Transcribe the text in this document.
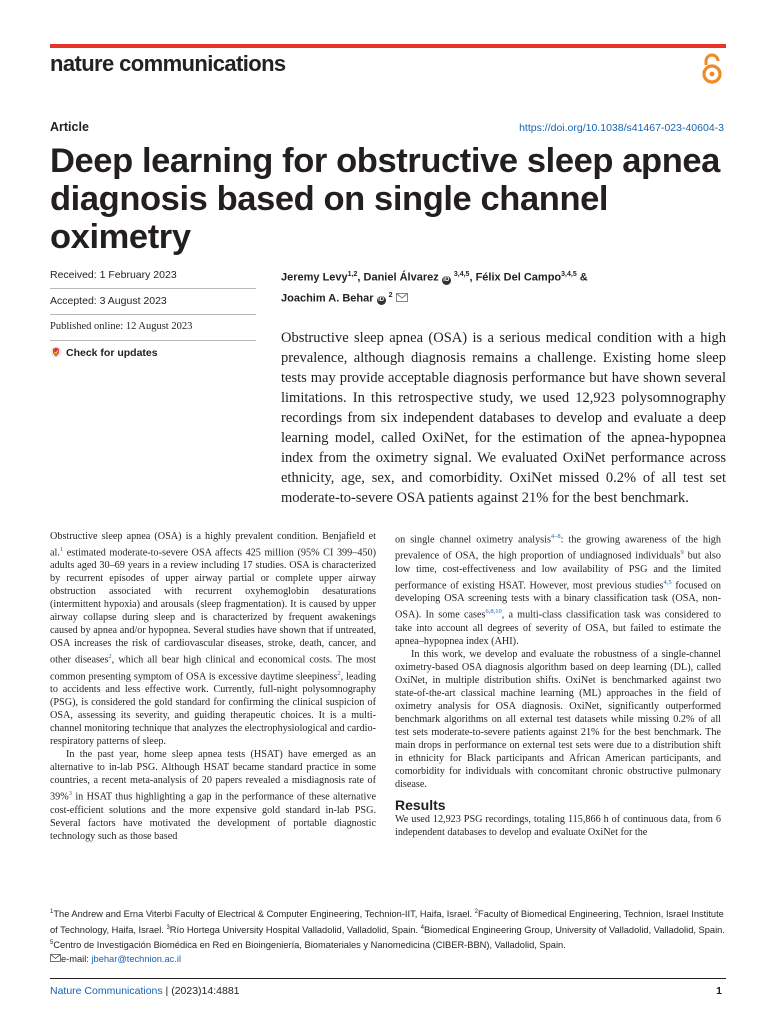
nature communications
Article	https://doi.org/10.1038/s41467-023-40604-3
Deep learning for obstructive sleep apnea diagnosis based on single channel oximetry
Received: 1 February 2023
Accepted: 3 August 2023
Published online: 12 August 2023
Check for updates
Jeremy Levy$^{1,2}$, Daniel Álvarez iD $^{3,4,5}$, Félix Del Campo$^{3,4,5}$ &
Joachim A. Behar iD $^2$

Obstructive sleep apnea (OSA) is a serious medical condition with a high prevalence, although diagnosis remains a challenge. Existing home sleep tests may provide acceptable diagnosis performance but have shown several limitations. In this retrospective study, we used 12,923 polysomnography recordings from six independent databases to develop and evaluate a deep learning model, called OxiNet, for the estimation of the apnea-hypopnea index from the oximetry signal. We evaluated OxiNet performance across ethnicity, age, sex, and comorbidity. OxiNet missed 0.2% of all test set moderate-to-severe OSA patients against 21% for the best benchmark.

Obstructive sleep apnea (OSA) is a highly prevalent condition. Benjafield et al.$^1$ estimated moderate-to-severe OSA affects 425 million (95% CI 399–450) adults aged 30–69 years in a review including 17 studies. OSA is characterized by recurrent episodes of upper airway partial or complete upper airway obstruction associated with recurrent oxyhemoglobin desaturations (intermittent hypoxia) and arousals (sleep fragmentation). It is caused by upper airway collapse during sleep and is characterized by frequent awakenings caused by apnea and/or hypopnea. Several studies have shown that if untreated, OSA increases the risk of cardiovascular diseases, stroke, death, cancer, and other diseases$^2$, which all bear high clinical and economical costs. The most common presenting symptom of OSA is excessive daytime sleepiness$^2$, leading to accidents and less effective work. Currently, full-night polysomnography (PSG), is considered the gold standard for confirming the clinical suspicion of OSA, assessing its severity, and guiding therapeutic choices. It is a multi-channel monitoring technique that analyzes the electrophysiological and cardio-respiratory patterns of sleep.

In the past year, home sleep apnea tests (HSAT) have emerged as an alternative to in-lab PSG. Although HSAT became standard practice in some countries, a recent meta-analysis of 20 papers revealed a misdiagnosis rate of 39%$^3$ in HSAT thus highlighting a gap in the performance of these alternative cost-efficient solutions and the more expensive gold standard in-lab PSG. Several factors have motivated the development of portable diagnostic technology such as those based

on single channel oximetry analysis$^{4-8}$: the growing awareness of the high prevalence of OSA, the high proportion of undiagnosed individuals$^9$ but also low time, cost-effectiveness and low availability of PSG and the limited performance of existing HSAT. However, most previous studies$^{4,5}$ focused on developing OSA screening tests with a binary classification task (OSA, non-OSA). In some cases$^{6,8,10}$, a multi-class classification task was considered to take into account all degrees of severity of OSA, but failed to estimate the apnea–hypopnea index (AHI).

In this work, we develop and evaluate the robustness of a single-channel oximetry-based OSA diagnosis algorithm based on deep learning (DL), called OxiNet, in multiple distribution shifts. OxiNet is benchmarked against two state-of-the-art classical machine learning (ML) approaches in the field of oximetry analysis for OSA diagnosis. OxiNet, significantly outperformed benchmark algorithms on all external test datasets while missing 0.2% of all test sets moderate-to-severe patients against 21% for the best benchmark. The main drops in performance on external test sets were due to a distribution shift in ethnicity for Black participants and African American participants, and comorbidity for individuals with concomitant chronic obstructive pulmonary disease.

Results

We used 12,923 PSG recordings, totaling 115,866 h of continuous data, from 6 independent databases to develop and evaluate OxiNet for the

$^1$The Andrew and Erna Viterbi Faculty of Electrical & Computer Engineering, Technion-IIT, Haifa, Israel. $^2$Faculty of Biomedical Engineering, Technion, Israel Institute of Technology, Haifa, Israel. $^3$Río Hortega University Hospital Valladolid, Valladolid, Spain. $^4$Biomedical Engineering Group, University of Valladolid, Valladolid, Spain. $^5$Centro de Investigación Biomédica en Red en Bioingeniería, Biomateriales y Nanomedicina (CIBER-BBN), Valladolid, Spain.
e-mail: jbehar@technion.ac.il
Nature Communications | (2023)14:4881	1
